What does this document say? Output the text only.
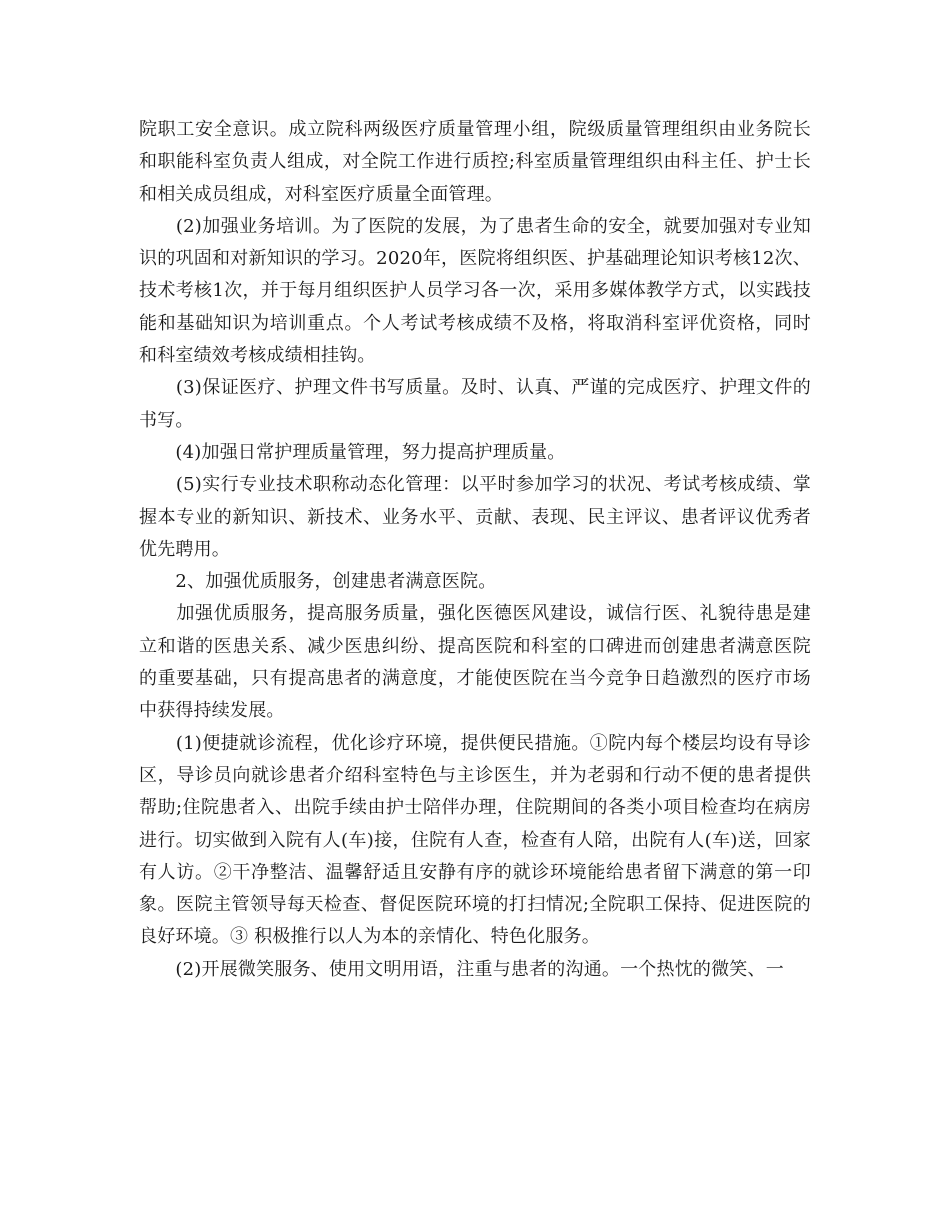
院职工安全意识。成立院科两级医疗质量管理小组，院级质量管理组织由业务院长和职能科室负责人组成，对全院工作进行质控;科室质量管理组织由科主任、护士长和相关成员组成，对科室医疗质量全面管理。

　　(2)加强业务培训。为了医院的发展，为了患者生命的安全，就要加强对专业知识的巩固和对新知识的学习。2020年，医院将组织医、护基础理论知识考核12次、技术考核1次，并于每月组织医护人员学习各一次，采用多媒体教学方式，以实践技能和基础知识为培训重点。个人考试考核成绩不及格，将取消科室评优资格，同时和科室绩效考核成绩相挂钩。

　　(3)保证医疗、护理文件书写质量。及时、认真、严谨的完成医疗、护理文件的书写。

　　(4)加强日常护理质量管理，努力提高护理质量。

　　(5)实行专业技术职称动态化管理：以平时参加学习的状况、考试考核成绩、掌握本专业的新知识、新技术、业务水平、贡献、表现、民主评议、患者评议优秀者优先聘用。

　　2、加强优质服务，创建患者满意医院。

　　加强优质服务，提高服务质量，强化医德医风建设，诚信行医、礼貌待患是建立和谐的医患关系、减少医患纠纷、提高医院和科室的口碑进而创建患者满意医院的重要基础，只有提高患者的满意度，才能使医院在当今竞争日趋激烈的医疗市场中获得持续发展。

　　(1)便捷就诊流程，优化诊疗环境，提供便民措施。①院内每个楼层均设有导诊区，导诊员向就诊患者介绍科室特色与主诊医生，并为老弱和行动不便的患者提供帮助;住院患者入、出院手续由护士陪伴办理，住院期间的各类小项目检查均在病房进行。切实做到入院有人(车)接，住院有人查，检查有人陪，出院有人(车)送，回家有人访。②干净整洁、温馨舒适且安静有序的就诊环境能给患者留下满意的第一印象。医院主管领导每天检查、督促医院环境的打扫情况;全院职工保持、促进医院的良好环境。③ 积极推行以人为本的亲情化、特色化服务。

　　(2)开展微笑服务、使用文明用语，注重与患者的沟通。一个热忱的微笑、一
